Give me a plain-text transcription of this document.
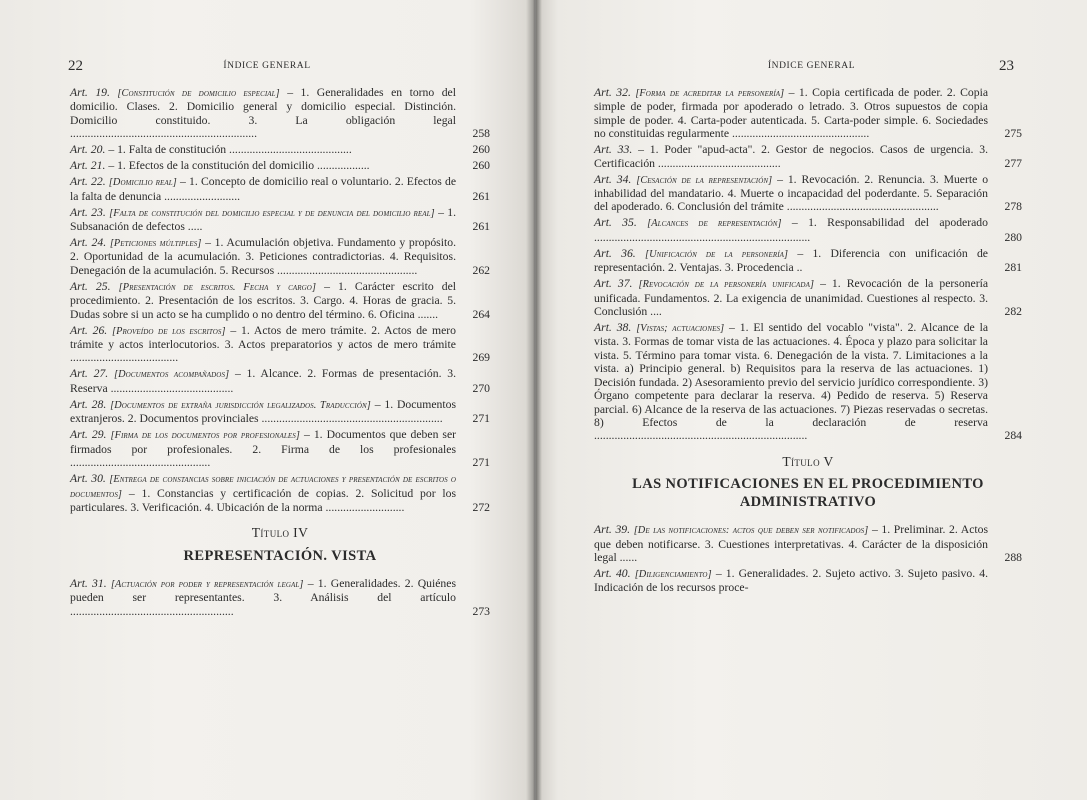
22	ÍNDICE GENERAL
Art. 19. [Constitución de domicilio especial] – 1. Generalidades en torno del domicilio. Clases. 2. Domicilio general y domicilio especial. Distinción. Domicilio constituido. 3. La obligación legal ................................................................	258
Art. 20. – 1. Falta de constitución ..........................................	260
Art. 21. – 1. Efectos de la constitución del domicilio ..................	260
Art. 22. [Domicilio real] – 1. Concepto de domicilio real o voluntario. 2. Efectos de la falta de denuncia ..........................	261
Art. 23. [Falta de constitución del domicilio especial y de denuncia del domicilio real] – 1. Subsanación de defectos .....	261
Art. 24. [Peticiones múltiples] – 1. Acumulación objetiva. Fundamento y propósito. 2. Oportunidad de la acumulación. 3. Peticiones contradictorias. 4. Requisitos. Denegación de la acumulación. 5. Recursos ................................................	262
Art. 25. [Presentación de escritos. Fecha y cargo] – 1. Carácter escrito del procedimiento. 2. Presentación de los escritos. 3. Cargo. 4. Horas de gracia. 5. Dudas sobre si un acto se ha cumplido o no dentro del término. 6. Oficina .......	264
Art. 26. [Proveído de los escritos] – 1. Actos de mero trámite. 2. Actos de mero trámite y actos interlocutorios. 3. Actos preparatorios y actos de mero trámite .....................................	269
Art. 27. [Documentos acompañados] – 1. Alcance. 2. Formas de presentación. 3. Reserva ..........................................	270
Art. 28. [Documentos de extraña jurisdicción legalizados. Traducción] – 1. Documentos extranjeros. 2. Documentos provinciales ..............................................................	271
Art. 29. [Firma de los documentos por profesionales] – 1. Documentos que deben ser firmados por profesionales. 2. Firma de los profesionales ................................................	271
Art. 30. [Entrega de constancias sobre iniciación de actuaciones y presentación de escritos o documentos] – 1. Constancias y certificación de copias. 2. Solicitud por los particulares. 3. Verificación. 4. Ubicación de la norma ...........................	272
Título IV
REPRESENTACIÓN. VISTA
Art. 31. [Actuación por poder y representación legal] – 1. Generalidades. 2. Quiénes pueden ser representantes. 3. Análisis del artículo ........................................................	273
ÍNDICE GENERAL	23
Art. 32. [Forma de acreditar la personería] – 1. Copia certificada de poder. 2. Copia simple de poder, firmada por apoderado o letrado. 3. Otros supuestos de copia simple de poder. 4. Carta-poder autenticada. 5. Carta-poder simple. 6. Sociedades no constituidas regularmente ...............................................	275
Art. 33. – 1. Poder "apud-acta". 2. Gestor de negocios. Casos de urgencia. 3. Certificación ..........................................	277
Art. 34. [Cesación de la representación] – 1. Revocación. 2. Renuncia. 3. Muerte o inhabilidad del mandatario. 4. Muerte o incapacidad del poderdante. 5. Separación del apoderado. 6. Conclusión del trámite ....................................................	278
Art. 35. [Alcances de representación] – 1. Responsabilidad del apoderado ..........................................................................	280
Art. 36. [Unificación de la personería] – 1. Diferencia con unificación de representación. 2. Ventajas. 3. Procedencia ..	281
Art. 37. [Revocación de la personería unificada] – 1. Revocación de la personería unificada. Fundamentos. 2. La exigencia de unanimidad. Cuestiones al respecto. 3. Conclusión ....	282
Art. 38. [Vistas; actuaciones] – 1. El sentido del vocablo "vista". 2. Alcance de la vista. 3. Formas de tomar vista de las actuaciones. 4. Época y plazo para solicitar la vista. 5. Término para tomar vista. 6. Denegación de la vista. 7. Limitaciones a la vista. a) Principio general. b) Requisitos para la reserva de las actuaciones. 1) Decisión fundada. 2) Asesoramiento previo del servicio jurídico correspondiente. 3) Órgano competente para declarar la reserva. 4) Pedido de reserva. 5) Reserva parcial. 6) Alcance de la reserva de las actuaciones. 7) Piezas reservadas o secretas. 8) Efectos de la declaración de reserva .........................................................................	284
Título V
LAS NOTIFICACIONES EN EL PROCEDIMIENTO ADMINISTRATIVO
Art. 39. [De las notificaciones: actos que deben ser notificados] – 1. Preliminar. 2. Actos que deben notificarse. 3. Cuestiones interpretativas. 4. Carácter de la disposición legal ......	288
Art. 40. [Diligenciamiento] – 1. Generalidades. 2. Sujeto activo. 3. Sujeto pasivo. 4. Indicación de los recursos proce-
